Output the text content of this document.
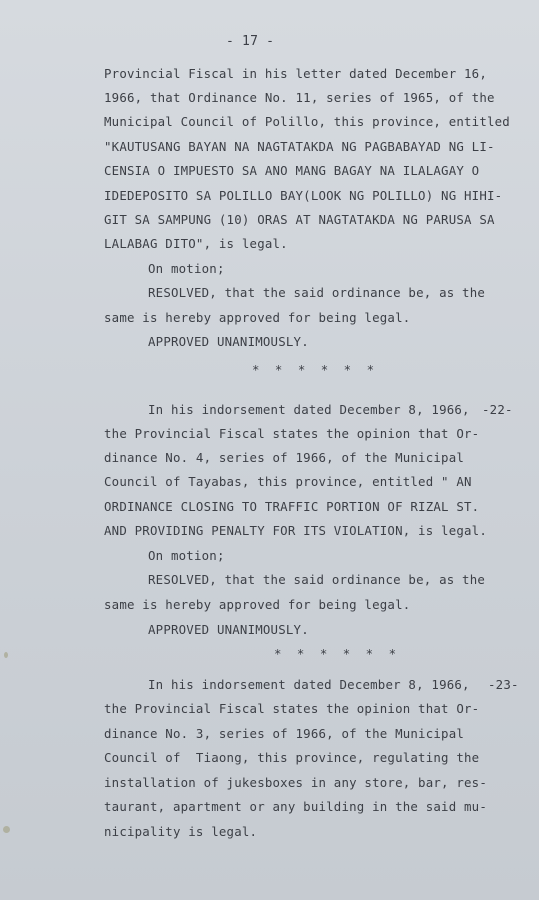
- 17 -
Provincial Fiscal in his letter dated December 16,
1966, that Ordinance No. 11, series of 1965, of the
Municipal Council of Polillo, this province, entitled
"KAUTUSANG BAYAN NA NAGTATAKDA NG PAGBABAYAD NG LI-
CENSIA O IMPUESTO SA ANO MANG BAGAY NA ILALAGAY O
IDEDEPOSITO SA POLILLO BAY(LOOK NG POLILLO) NG HIHI-
GIT SA SAMPUNG (10) ORAS AT NAGTATAKDA NG PARUSA SA
LALABAG DITO", is legal.
On motion;
RESOLVED, that the said ordinance be, as the
same is hereby approved for being legal.
APPROVED UNANIMOUSLY.
* * * * * *
In his indorsement dated December 8, 1966, -22-
the Provincial Fiscal states the opinion that Or-
dinance No. 4, series of 1966, of the Municipal
Council of Tayabas, this province, entitled " AN
ORDINANCE CLOSING TO TRAFFIC PORTION OF RIZAL ST.
AND PROVIDING PENALTY FOR ITS VIOLATION, is legal.
On motion;
RESOLVED, that the said ordinance be, as the
same is hereby approved for being legal.
APPROVED UNANIMOUSLY.
* * * * * *
In his indorsement dated December 8, 1966, -23-
the Provincial Fiscal states the opinion that Or-
dinance No. 3, series of 1966, of the Municipal
Council of  Tiaong, this province, regulating the
installation of jukesboxes in any store, bar, res-
taurant, apartment or any building in the said mu-
nicipality is legal.
